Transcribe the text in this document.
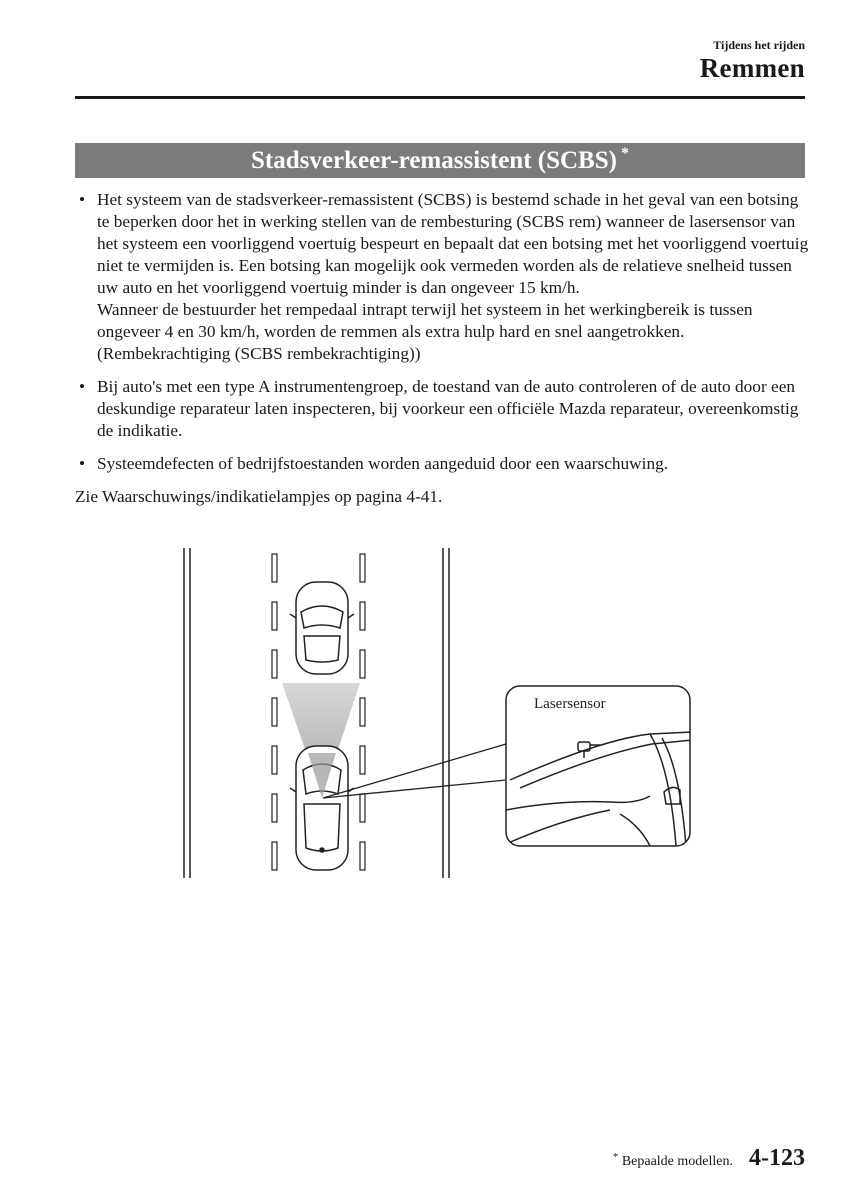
Tijdens het rijden
Remmen
Stadsverkeer-remassistent (SCBS) *
• Het systeem van de stadsverkeer-remassistent (SCBS) is bestemd schade in het geval van een botsing te beperken door het in werking stellen van de rembesturing (SCBS rem) wanneer de lasersensor van het systeem een voorliggend voertuig bespeurt en bepaalt dat een botsing met het voorliggend voertuig niet te vermijden is. Een botsing kan mogelijk ook vermeden worden als de relatieve snelheid tussen uw auto en het voorliggend voertuig minder is dan ongeveer 15 km/h.

Wanneer de bestuurder het rempedaal intrapt terwijl het systeem in het werkingbereik is tussen ongeveer 4 en 30 km/h, worden de remmen als extra hulp hard en snel aangetrokken. (Rembekrachtiging (SCBS rembekrachtiging))

• Bij auto's met een type A instrumentengroep, de toestand van de auto controleren of de auto door een deskundige reparateur laten inspecteren, bij voorkeur een officiële Mazda reparateur, overeenkomstig de indikatie.

• Systeemdefecten of bedrijfstoestanden worden aangeduid door een waarschuwing.

Zie Waarschuwings/indikatielampjes op pagina 4-41.

Lasersensor
* Bepaalde modellen. 4-123
